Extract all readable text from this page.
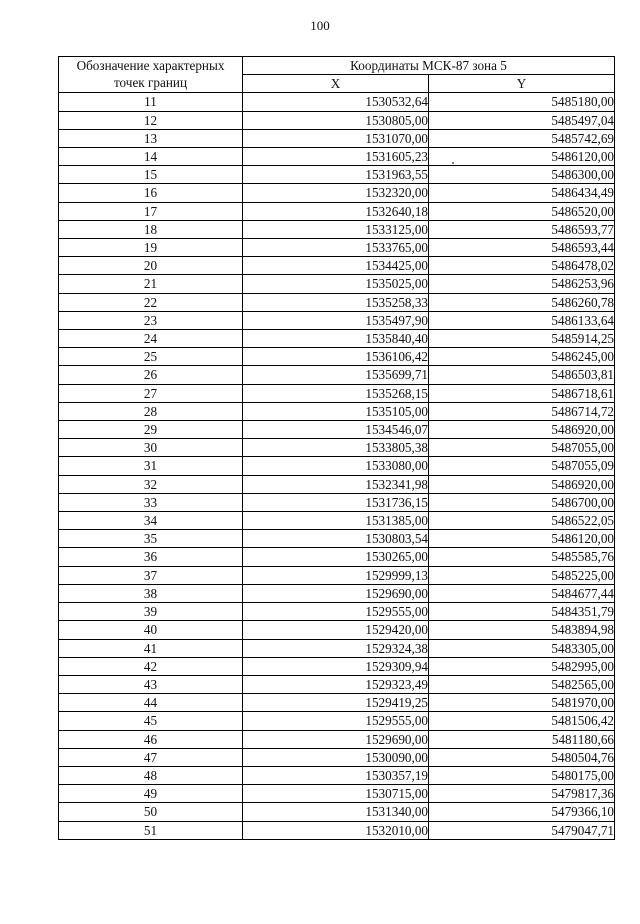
100
Обозначение характерных
точек границ	Координаты МСК-87 зона 5	
	X	Y
11	1530532,64	5485180,00
12	1530805,00	5485497,04
13	1531070,00	5485742,69
14	1531605,23	5486120,00
15	1531963,55	5486300,00
16	1532320,00	5486434,49
17	1532640,18	5486520,00
18	1533125,00	5486593,77
19	1533765,00	5486593,44
20	1534425,00	5486478,02
21	1535025,00	5486253,96
22	1535258,33	5486260,78
23	1535497,90	5486133,64
24	1535840,40	5485914,25
25	1536106,42	5486245,00
26	1535699,71	5486503,81
27	1535268,15	5486718,61
28	1535105,00	5486714,72
29	1534546,07	5486920,00
30	1533805,38	5487055,00
31	1533080,00	5487055,09
32	1532341,98	5486920,00
33	1531736,15	5486700,00
34	1531385,00	5486522,05
35	1530803,54	5486120,00
36	1530265,00	5485585,76
37	1529999,13	5485225,00
38	1529690,00	5484677,44
39	1529555,00	5484351,79
40	1529420,00	5483894,98
41	1529324,38	5483305,00
42	1529309,94	5482995,00
43	1529323,49	5482565,00
44	1529419,25	5481970,00
45	1529555,00	5481506,42
46	1529690,00	5481180,66
47	1530090,00	5480504,76
48	1530357,19	5480175,00
49	1530715,00	5479817,36
50	1531340,00	5479366,10
51	1532010,00	5479047,71
